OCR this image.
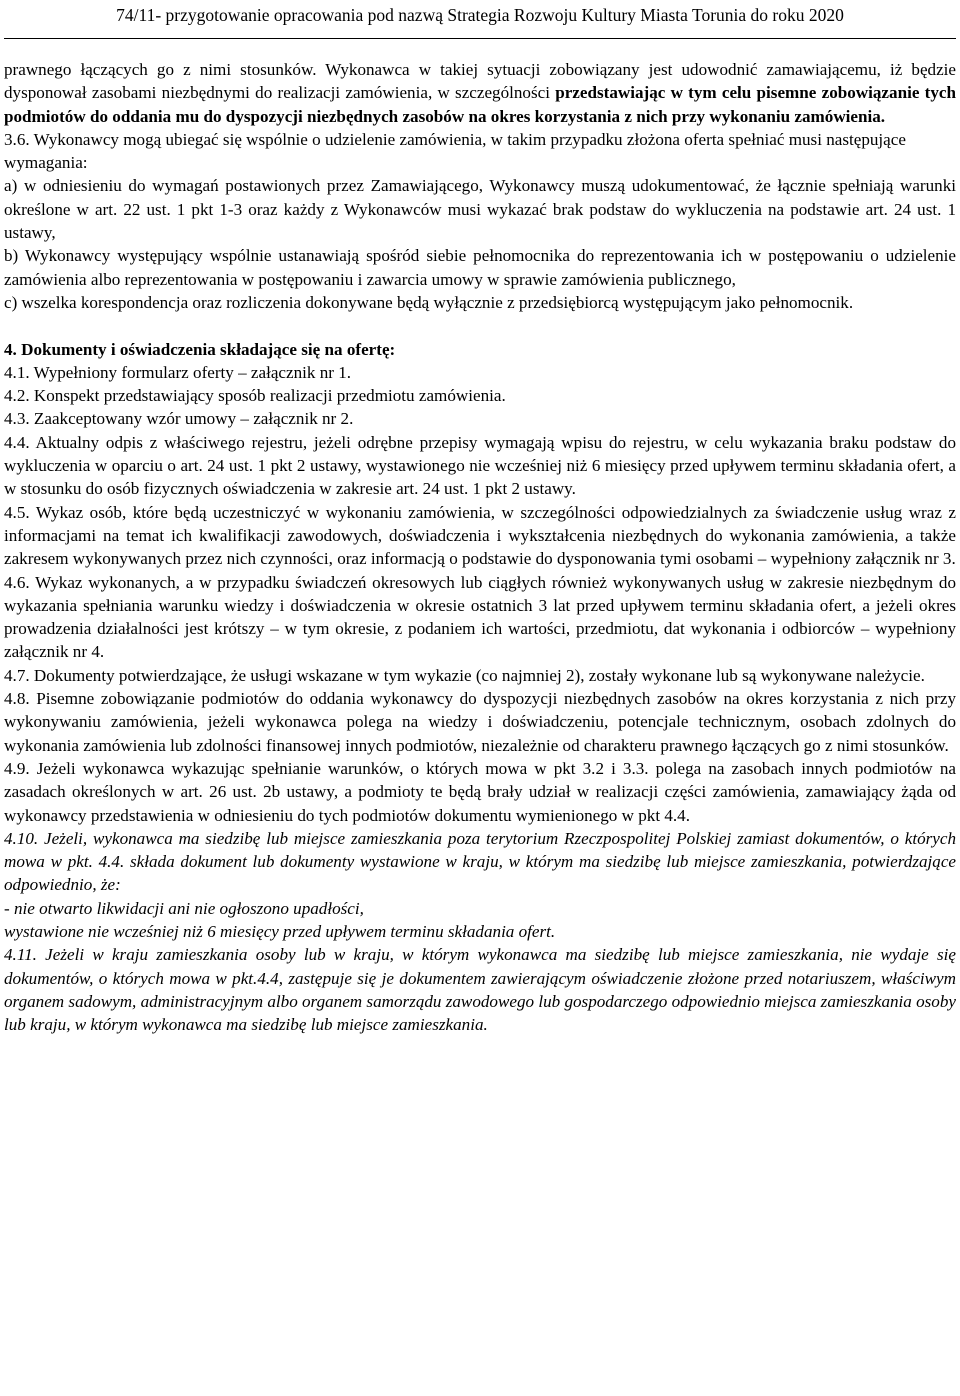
74/11- przygotowanie opracowania pod nazwą Strategia Rozwoju Kultury Miasta Torunia do roku 2020

prawnego łączących go z nimi stosunków. Wykonawca w takiej sytuacji zobowiązany jest udowodnić zamawiającemu, iż będzie dysponował zasobami niezbędnymi do realizacji zamówienia, w szczególności przedstawiając w tym celu pisemne zobowiązanie tych podmiotów do oddania mu do dyspozycji niezbędnych zasobów na okres korzystania z nich przy wykonaniu zamówienia.

3.6. Wykonawcy mogą ubiegać się wspólnie o udzielenie zamówienia, w takim przypadku złożona oferta spełniać musi następujące wymagania:

a) w odniesieniu do wymagań postawionych przez Zamawiającego, Wykonawcy muszą udokumentować, że łącznie spełniają warunki określone w art. 22 ust. 1 pkt 1-3 oraz każdy z Wykonawców musi wykazać brak podstaw do wykluczenia na podstawie art. 24 ust. 1 ustawy,

b) Wykonawcy występujący wspólnie ustanawiają spośród siebie pełnomocnika do reprezentowania ich w postępowaniu o udzielenie zamówienia albo reprezentowania w postępowaniu i zawarcia umowy w sprawie zamówienia publicznego,

c) wszelka korespondencja oraz rozliczenia dokonywane będą wyłącznie z przedsiębiorcą występującym jako pełnomocnik.

4. Dokumenty i oświadczenia składające się na ofertę:

4.1. Wypełniony formularz oferty – załącznik nr 1.

4.2. Konspekt przedstawiający sposób realizacji przedmiotu zamówienia.

4.3. Zaakceptowany wzór umowy – załącznik nr 2.

4.4. Aktualny odpis z właściwego rejestru, jeżeli odrębne przepisy wymagają wpisu do rejestru, w celu wykazania braku podstaw do wykluczenia w oparciu o art. 24 ust. 1 pkt 2 ustawy, wystawionego nie wcześniej niż 6 miesięcy przed upływem terminu składania ofert, a w stosunku do osób fizycznych oświadczenia w zakresie art. 24 ust. 1 pkt 2 ustawy.

4.5. Wykaz osób, które będą uczestniczyć w wykonaniu zamówienia, w szczególności odpowiedzialnych za świadczenie usług wraz z informacjami na temat ich kwalifikacji zawodowych, doświadczenia i wykształcenia niezbędnych do wykonania zamówienia, a także zakresem wykonywanych przez nich czynności, oraz informacją o podstawie do dysponowania tymi osobami – wypełniony załącznik nr 3.

4.6. Wykaz wykonanych, a w przypadku świadczeń okresowych lub ciągłych również wykonywanych usług w zakresie niezbędnym do wykazania spełniania warunku wiedzy i doświadczenia w okresie ostatnich 3 lat przed upływem terminu składania ofert, a jeżeli okres prowadzenia działalności jest krótszy – w tym okresie, z podaniem ich wartości, przedmiotu, dat wykonania i odbiorców – wypełniony załącznik nr 4.

4.7. Dokumenty potwierdzające, że usługi wskazane w tym wykazie (co najmniej 2), zostały wykonane lub są wykonywane należycie.

4.8. Pisemne zobowiązanie podmiotów do oddania wykonawcy do dyspozycji niezbędnych zasobów na okres korzystania z nich przy wykonywaniu zamówienia, jeżeli wykonawca polega na wiedzy i doświadczeniu, potencjale technicznym, osobach zdolnych do wykonania zamówienia lub zdolności finansowej innych podmiotów, niezależnie od charakteru prawnego łączących go z nimi stosunków.

4.9. Jeżeli wykonawca wykazując spełnianie warunków, o których mowa w pkt 3.2 i 3.3. polega na zasobach innych podmiotów na zasadach określonych w art. 26 ust. 2b ustawy, a podmioty te będą brały udział w realizacji części zamówienia, zamawiający żąda od wykonawcy przedstawienia w odniesieniu do tych podmiotów dokumentu wymienionego w pkt 4.4.

4.10. Jeżeli, wykonawca ma siedzibę lub miejsce zamieszkania poza terytorium Rzeczpospolitej Polskiej zamiast dokumentów, o których mowa w pkt. 4.4. składa dokument lub dokumenty wystawione w kraju, w którym ma siedzibę lub miejsce zamieszkania, potwierdzające odpowiednio, że:

- nie otwarto likwidacji ani nie ogłoszono upadłości,

wystawione nie wcześniej niż 6 miesięcy przed upływem terminu składania ofert.

4.11. Jeżeli w kraju zamieszkania osoby lub w kraju, w którym wykonawca ma siedzibę lub miejsce zamieszkania, nie wydaje się dokumentów, o których mowa w pkt.4.4, zastępuje się je dokumentem zawierającym oświadczenie złożone przed notariuszem, właściwym organem sadowym, administracyjnym albo organem samorządu zawodowego lub gospodarczego odpowiednio miejsca zamieszkania osoby lub kraju, w którym wykonawca ma siedzibę lub miejsce zamieszkania.
